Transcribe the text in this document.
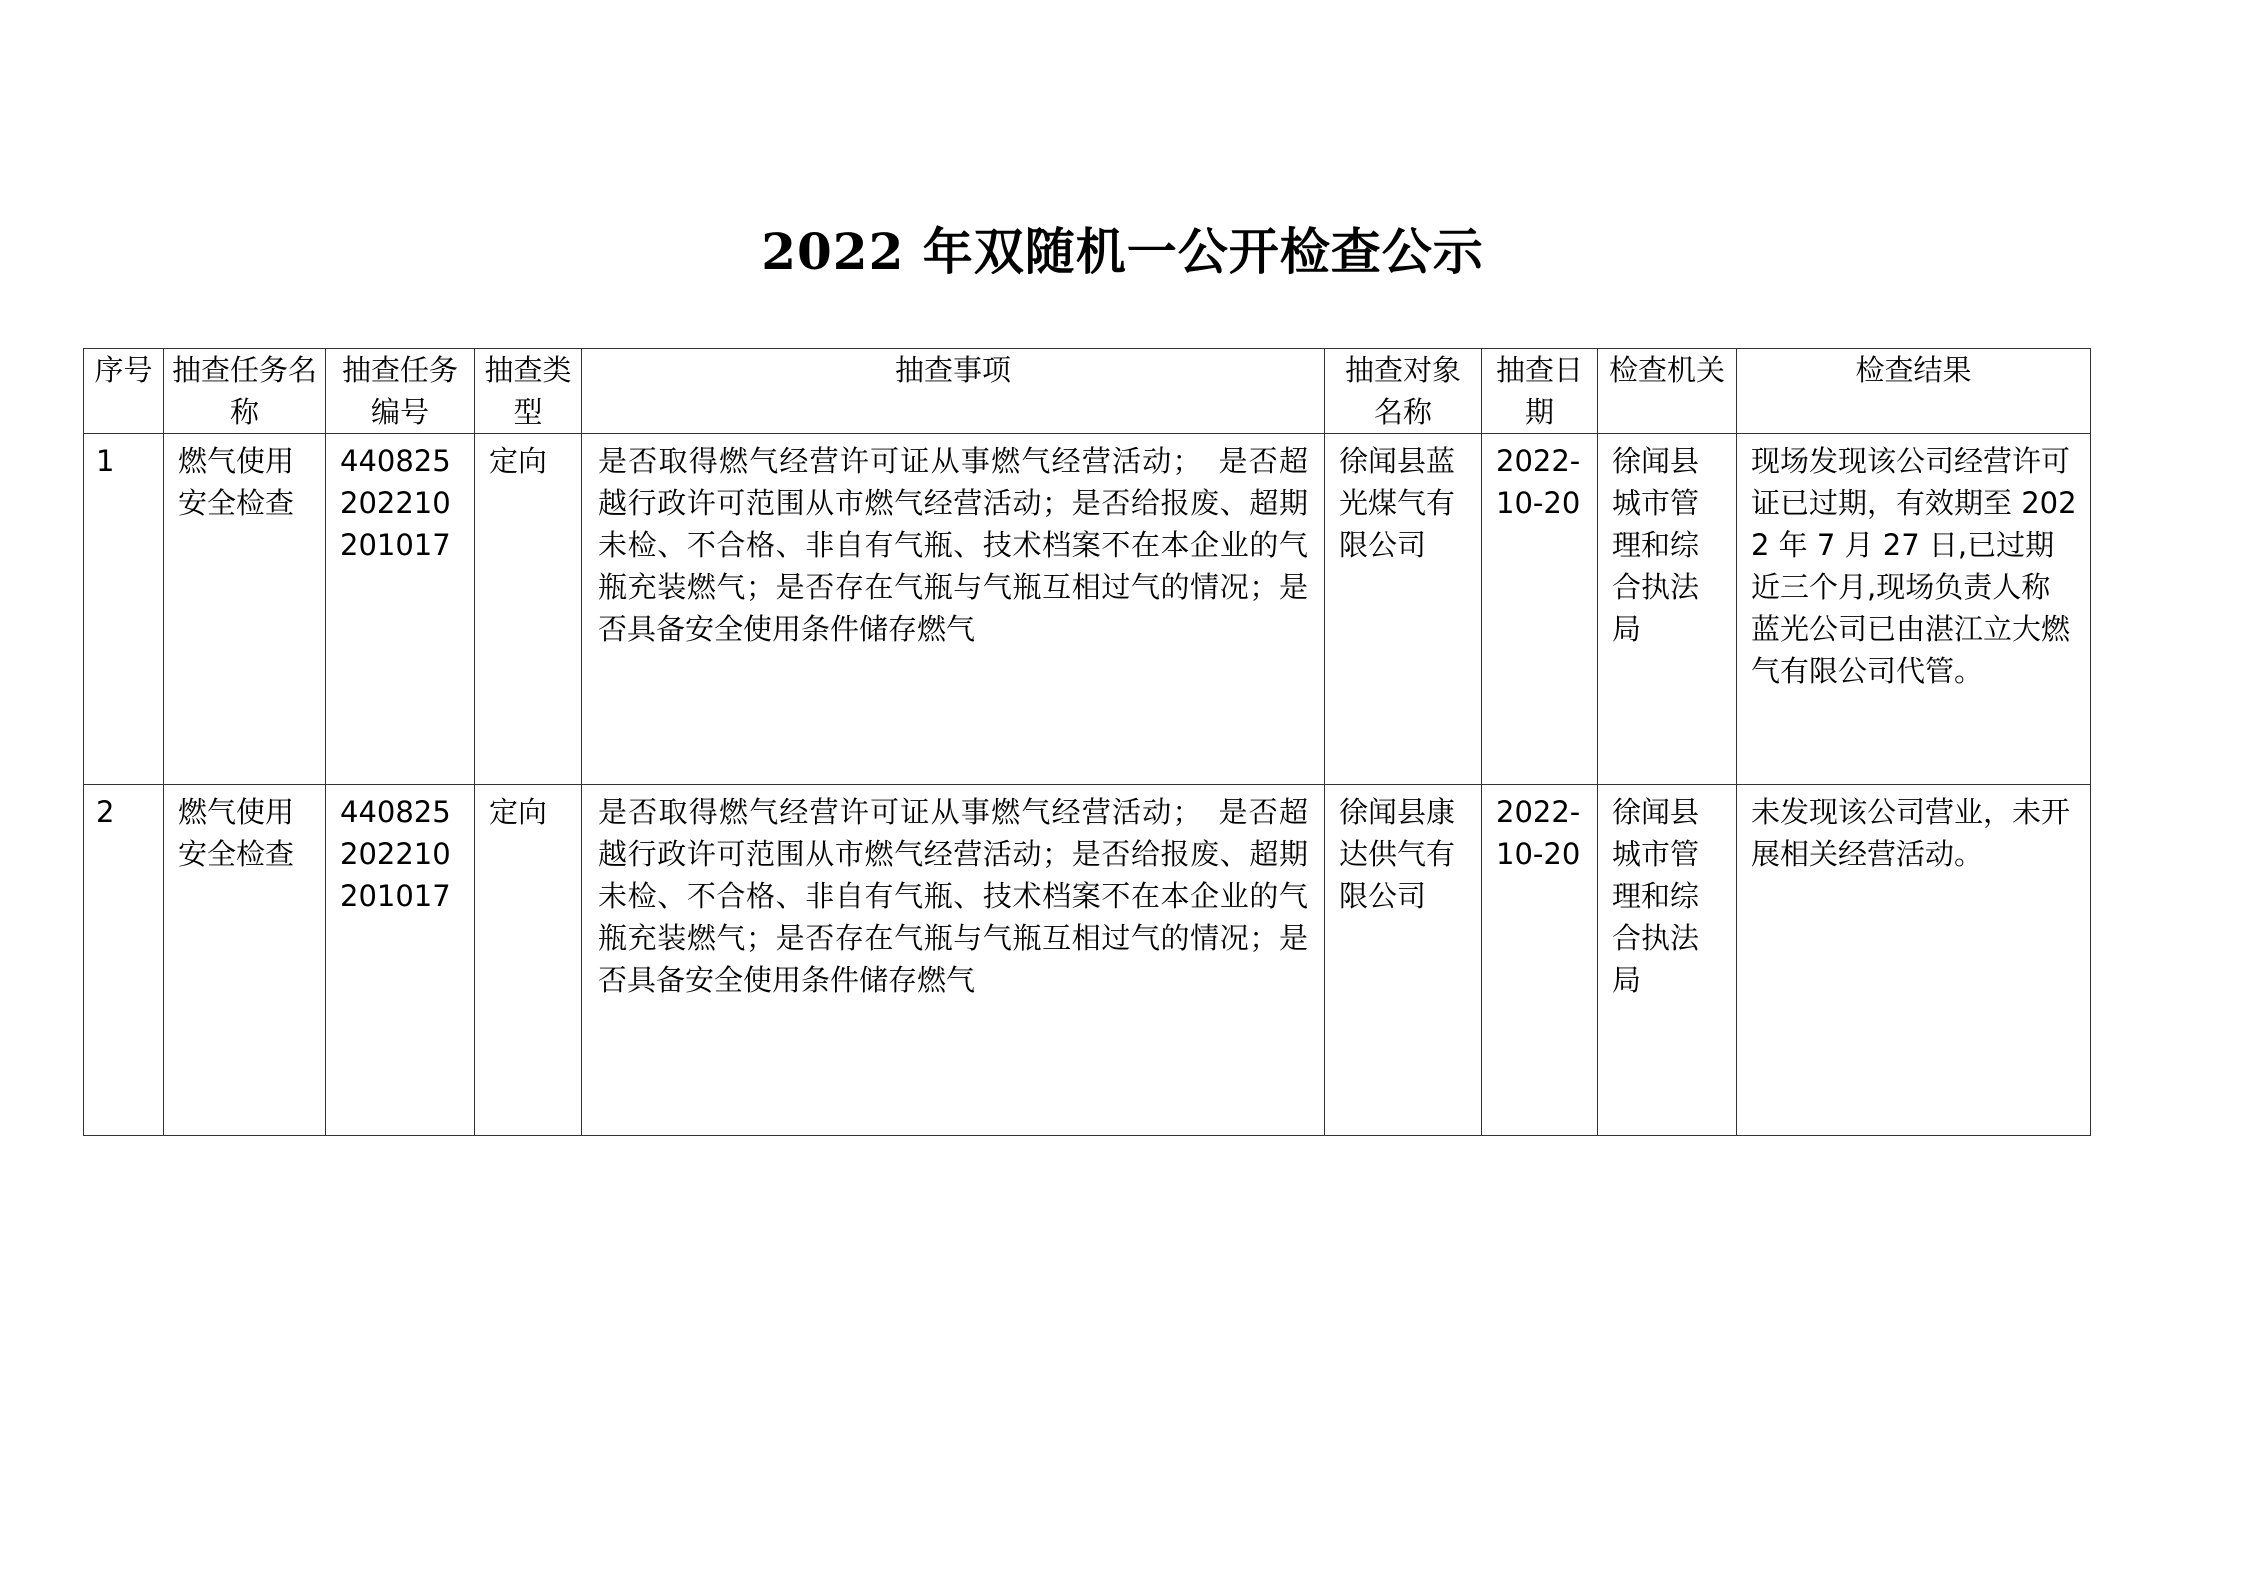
2022 年双随机一公开检查公示
序号	抽查任务名称	抽查任务编号	抽查类型	抽查事项	抽查对象名称	抽查日期	检查机关	检查结果
1	燃气使用安全检查	440825202210201017	定向	是否取得燃气经营许可证从事燃气经营活动；　是否超越行政许可范围从市燃气经营活动；是否给报废、超期未检、不合格、非自有气瓶、技术档案不在本企业的气瓶充装燃气；是否存在气瓶与气瓶互相过气的情况；是否具备安全使用条件储存燃气	徐闻县蓝光煤气有限公司	2022-10-20	徐闻县城市管理和综合执法局	现场发现该公司经营许可证已过期，有效期至 2022 年 7 月 27 日,已过期近三个月,现场负责人称蓝光公司已由湛江立大燃气有限公司代管。
2	燃气使用安全检查	440825202210201017	定向	是否取得燃气经营许可证从事燃气经营活动；　是否超越行政许可范围从市燃气经营活动；是否给报废、超期未检、不合格、非自有气瓶、技术档案不在本企业的气瓶充装燃气；是否存在气瓶与气瓶互相过气的情况；是否具备安全使用条件储存燃气	徐闻县康达供气有限公司	2022-10-20	徐闻县城市管理和综合执法局	未发现该公司营业，未开展相关经营活动。
